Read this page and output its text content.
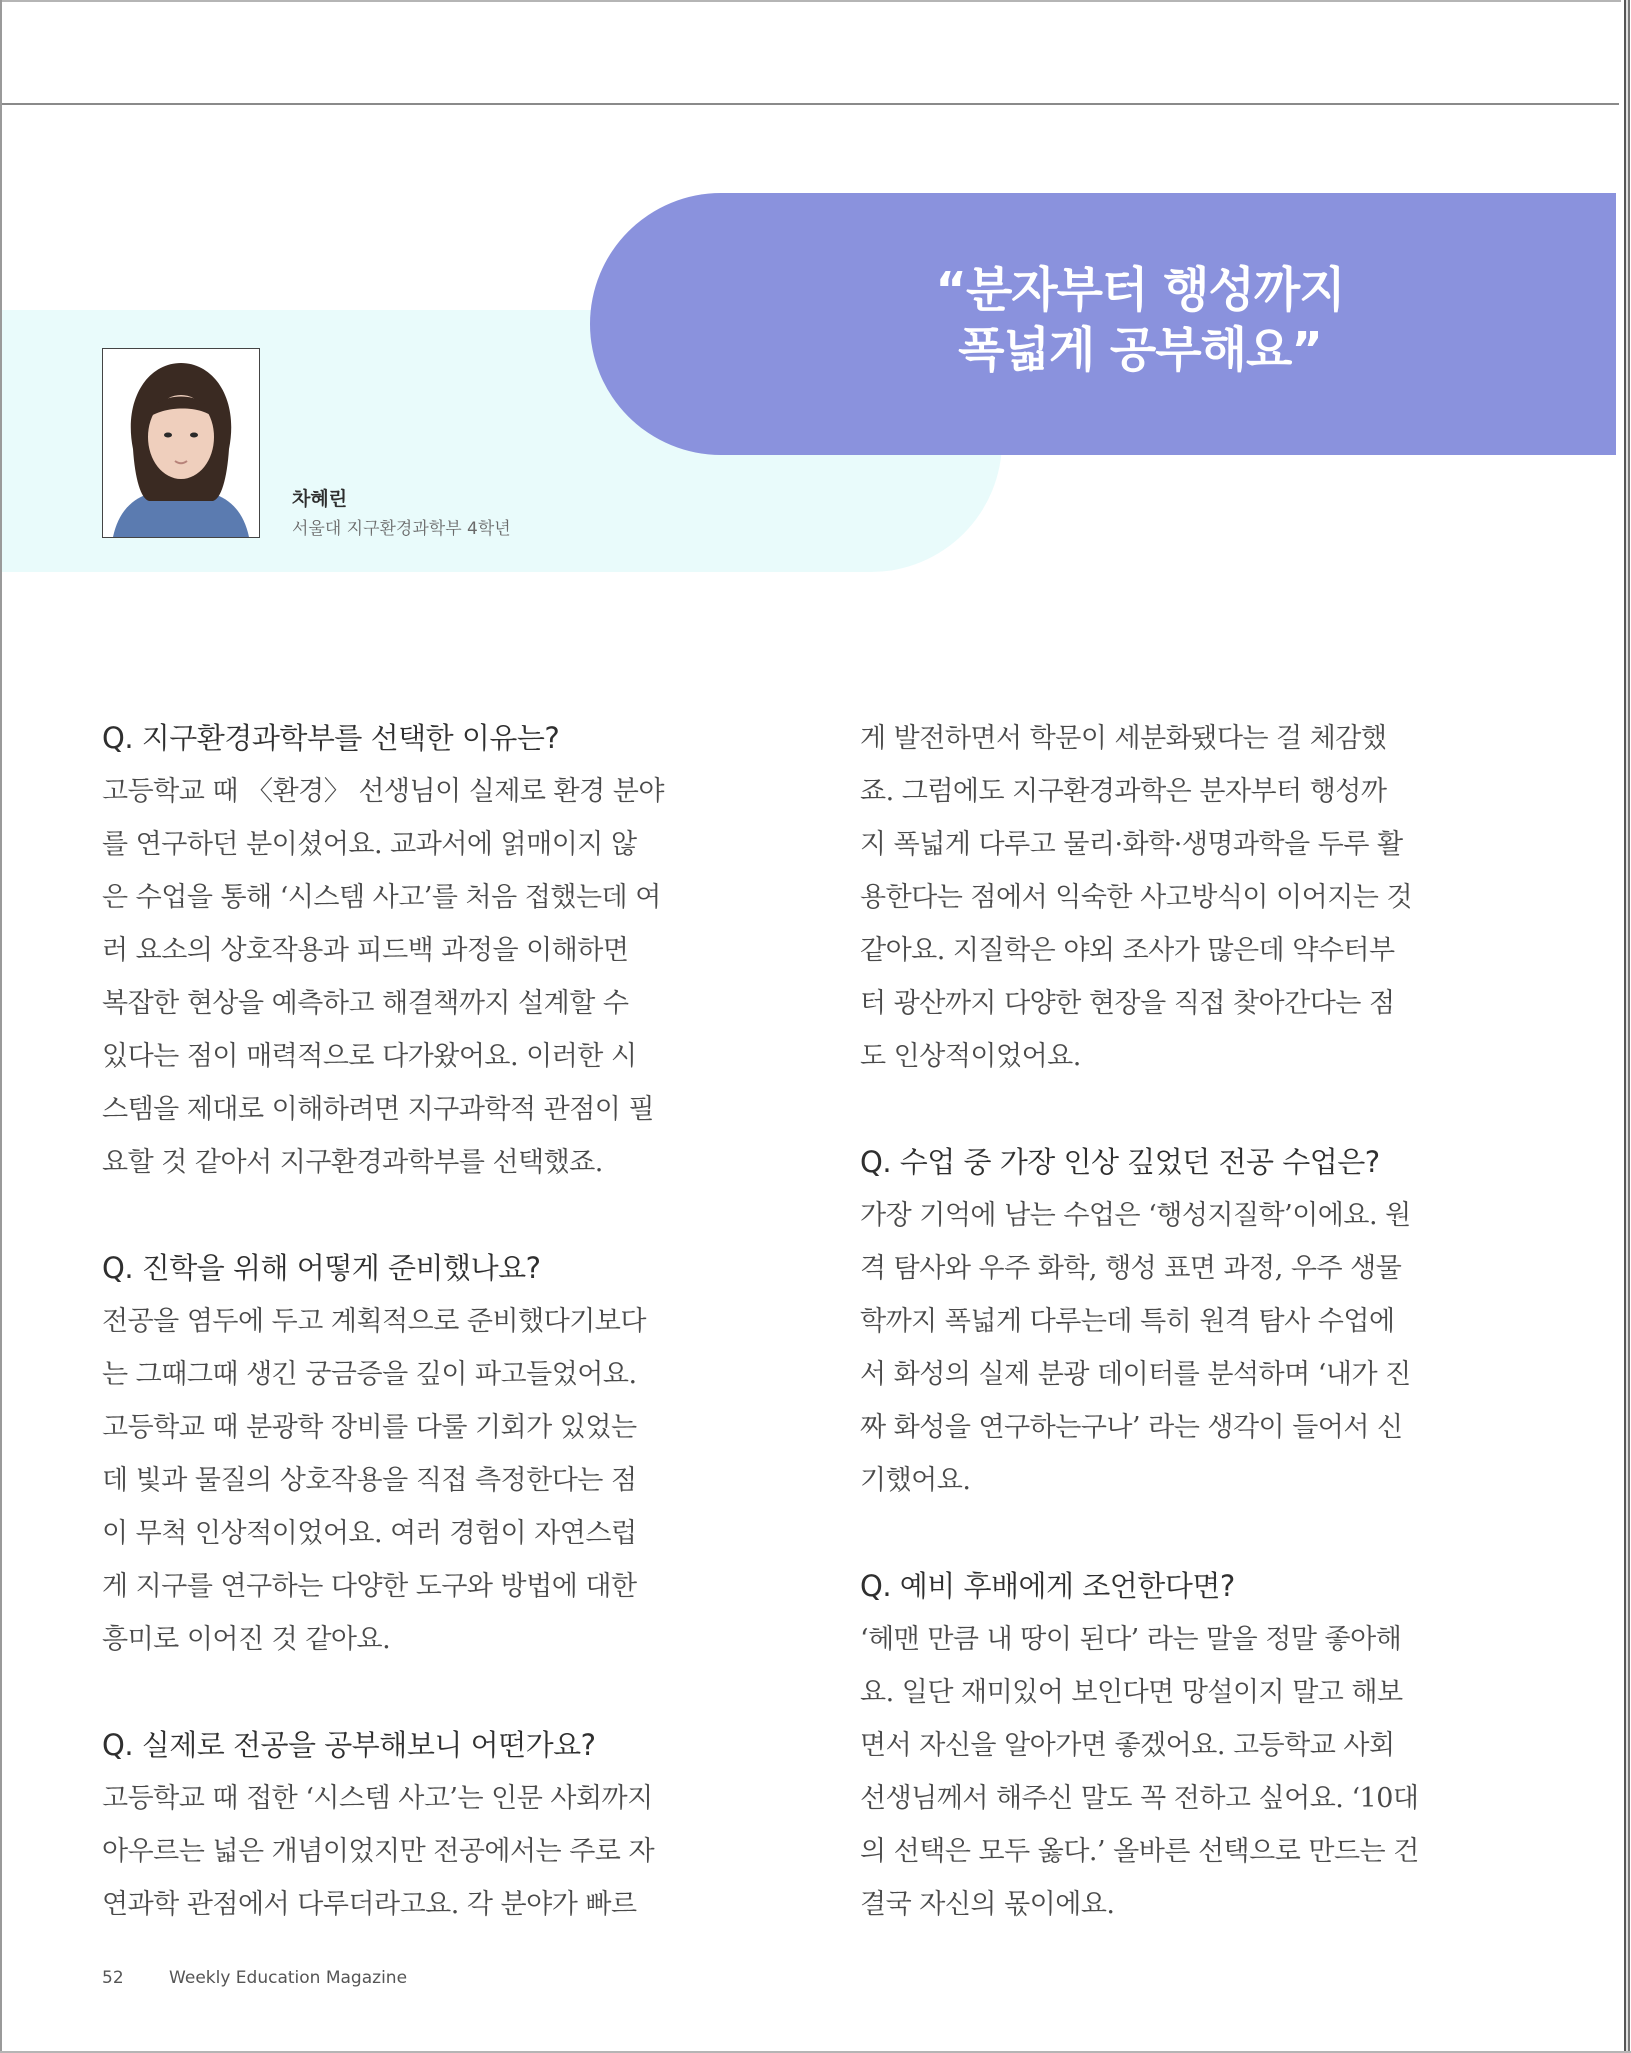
“분자부터 행성까지
폭넓게 공부해요”
차혜린
서울대 지구환경과학부 4학년
Q. 지구환경과학부를 선택한 이유는?
고등학교 때 〈환경〉 선생님이 실제로 환경 분야
를 연구하던 분이셨어요. 교과서에 얽매이지 않
은 수업을 통해 ‘시스템 사고’를 처음 접했는데 여
러 요소의 상호작용과 피드백 과정을 이해하면
복잡한 현상을 예측하고 해결책까지 설계할 수
있다는 점이 매력적으로 다가왔어요. 이러한 시
스템을 제대로 이해하려면 지구과학적 관점이 필
요할 것 같아서 지구환경과학부를 선택했죠.
Q. 진학을 위해 어떻게 준비했나요?
전공을 염두에 두고 계획적으로 준비했다기보다
는 그때그때 생긴 궁금증을 깊이 파고들었어요.
고등학교 때 분광학 장비를 다룰 기회가 있었는
데 빛과 물질의 상호작용을 직접 측정한다는 점
이 무척 인상적이었어요. 여러 경험이 자연스럽
게 지구를 연구하는 다양한 도구와 방법에 대한
흥미로 이어진 것 같아요.
Q. 실제로 전공을 공부해보니 어떤가요?
고등학교 때 접한 ‘시스템 사고’는 인문 사회까지
아우르는 넓은 개념이었지만 전공에서는 주로 자
연과학 관점에서 다루더라고요. 각 분야가 빠르
게 발전하면서 학문이 세분화됐다는 걸 체감했
죠. 그럼에도 지구환경과학은 분자부터 행성까
지 폭넓게 다루고 물리·화학·생명과학을 두루 활
용한다는 점에서 익숙한 사고방식이 이어지는 것
같아요. 지질학은 야외 조사가 많은데 약수터부
터 광산까지 다양한 현장을 직접 찾아간다는 점
도 인상적이었어요.
Q. 수업 중 가장 인상 깊었던 전공 수업은?
가장 기억에 남는 수업은 ‘행성지질학’이에요. 원
격 탐사와 우주 화학, 행성 표면 과정, 우주 생물
학까지 폭넓게 다루는데 특히 원격 탐사 수업에
서 화성의 실제 분광 데이터를 분석하며 ‘내가 진
짜 화성을 연구하는구나’ 라는 생각이 들어서 신
기했어요.
Q. 예비 후배에게 조언한다면?
‘헤맨 만큼 내 땅이 된다’ 라는 말을 정말 좋아해
요. 일단 재미있어 보인다면 망설이지 말고 해보
면서 자신을 알아가면 좋겠어요. 고등학교 사회
선생님께서 해주신 말도 꼭 전하고 싶어요. ‘10대
의 선택은 모두 옳다.’ 올바른 선택으로 만드는 건
결국 자신의 몫이에요.
52	Weekly Education Magazine
